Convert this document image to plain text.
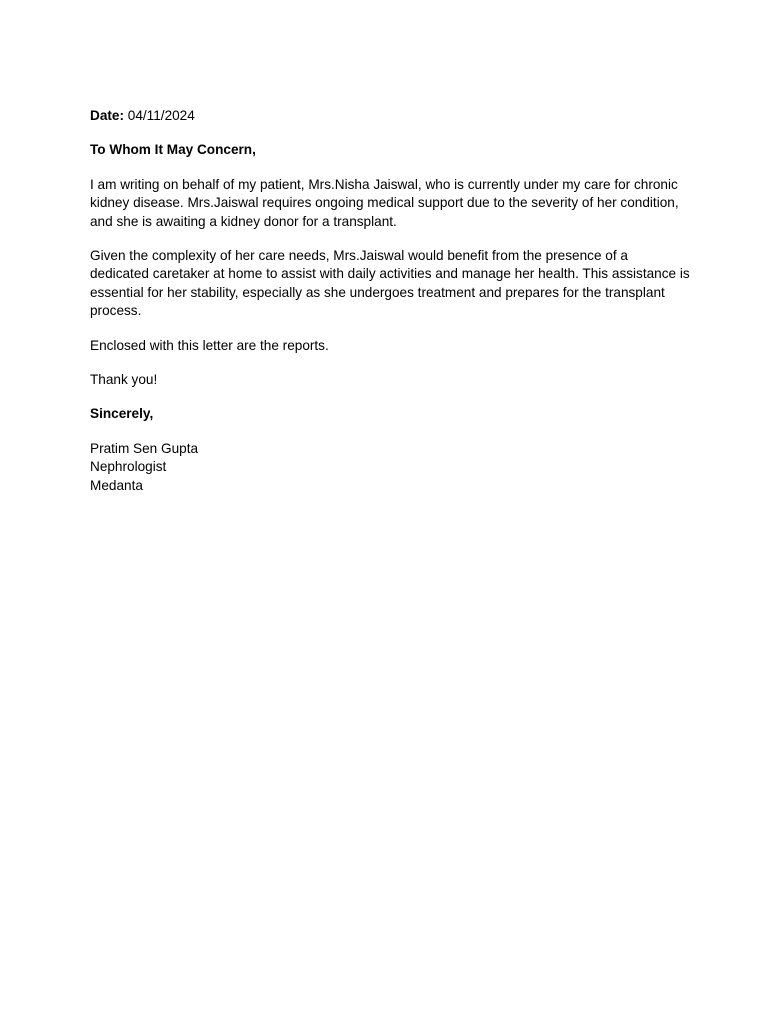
Date: 04/11/2024

To Whom It May Concern,

I am writing on behalf of my patient, Mrs.Nisha Jaiswal, who is currently under my care for chronic kidney disease. Mrs.Jaiswal requires ongoing medical support due to the severity of her condition, and she is awaiting a kidney donor for a transplant.

Given the complexity of her care needs, Mrs.Jaiswal would benefit from the presence of a dedicated caretaker at home to assist with daily activities and manage her health. This assistance is essential for her stability, especially as she undergoes treatment and prepares for the transplant process.

Enclosed with this letter are the reports.

Thank you!

Sincerely,

Pratim Sen Gupta
Nephrologist
Medanta
